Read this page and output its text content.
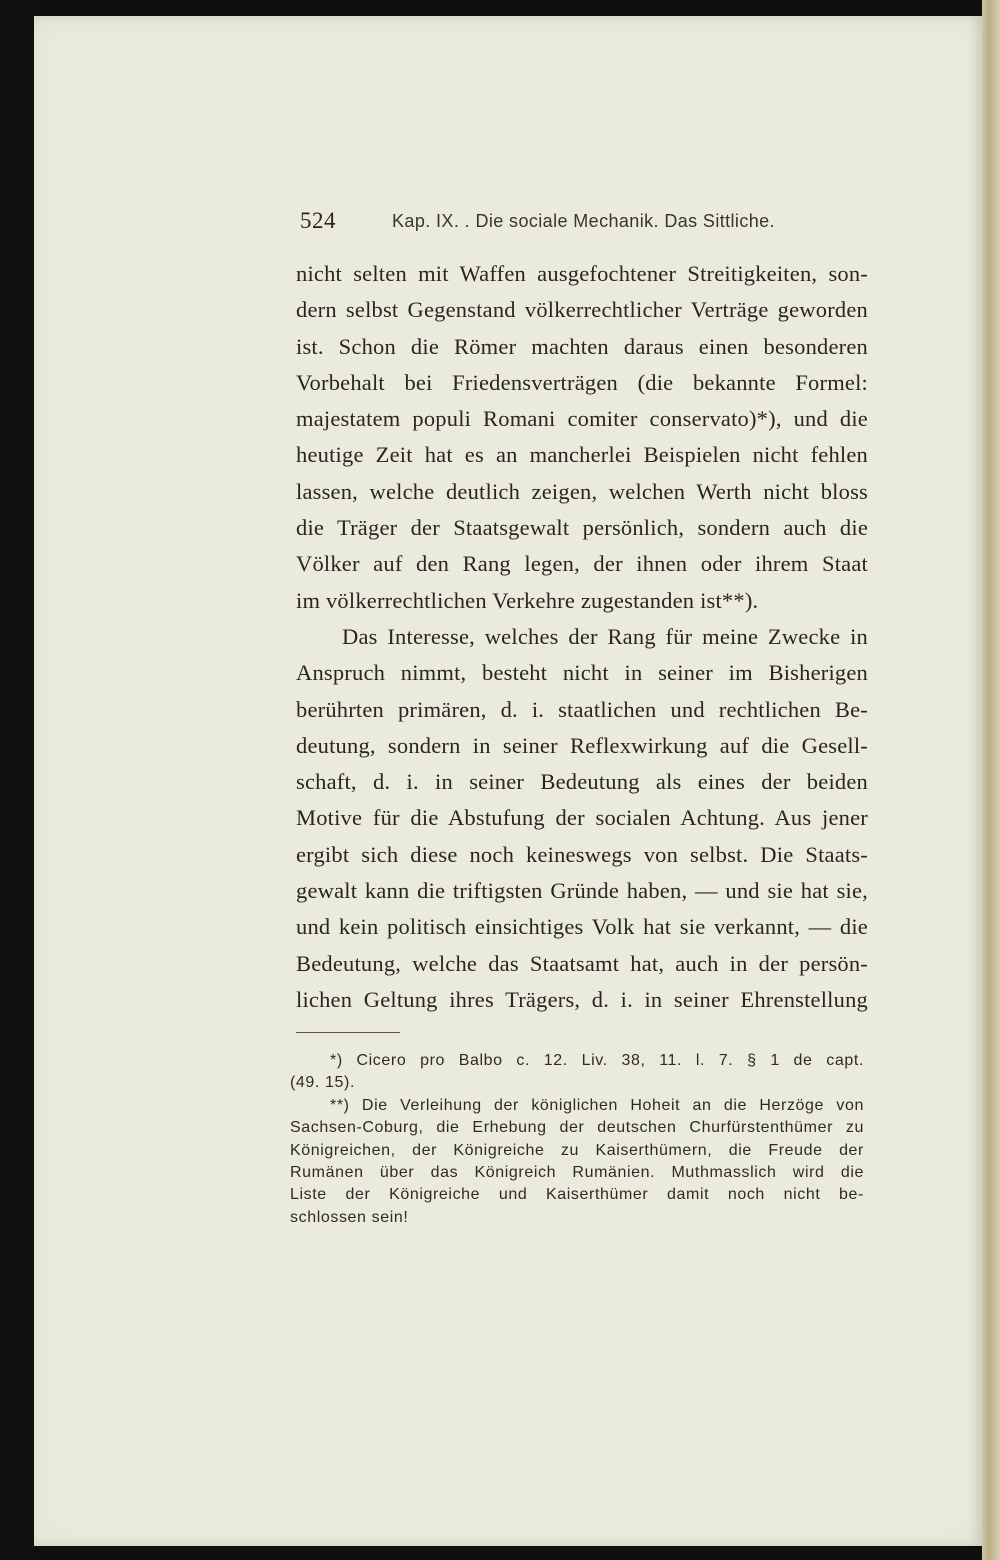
524	Kap. IX. . Die sociale Mechanik. Das Sittliche.
nicht selten mit Waffen ausgefochtener Streitigkeiten, son-
dern selbst Gegenstand völkerrechtlicher Verträge geworden
ist. Schon die Römer machten daraus einen besonderen
Vorbehalt bei Friedensverträgen (die bekannte Formel:
majestatem populi Romani comiter conservato)*), und die
heutige Zeit hat es an mancherlei Beispielen nicht fehlen
lassen, welche deutlich zeigen, welchen Werth nicht bloss
die Träger der Staatsgewalt persönlich, sondern auch die
Völker auf den Rang legen, der ihnen oder ihrem Staat
im völkerrechtlichen Verkehre zugestanden ist**).
Das Interesse, welches der Rang für meine Zwecke in
Anspruch nimmt, besteht nicht in seiner im Bisherigen
berührten primären, d. i. staatlichen und rechtlichen Be-
deutung, sondern in seiner Reflexwirkung auf die Gesell-
schaft, d. i. in seiner Bedeutung als eines der beiden
Motive für die Abstufung der socialen Achtung. Aus jener
ergibt sich diese noch keineswegs von selbst. Die Staats-
gewalt kann die triftigsten Gründe haben, — und sie hat sie,
und kein politisch einsichtiges Volk hat sie verkannt, — die
Bedeutung, welche das Staatsamt hat, auch in der persön-
lichen Geltung ihres Trägers, d. i. in seiner Ehrenstellung
*) Cicero pro Balbo c. 12. Liv. 38, 11. l. 7. § 1 de capt.
(49. 15).
**) Die Verleihung der königlichen Hoheit an die Herzöge von
Sachsen-Coburg, die Erhebung der deutschen Churfürstenthümer zu
Königreichen, der Königreiche zu Kaiserthümern, die Freude der
Rumänen über das Königreich Rumänien. Muthmasslich wird die
Liste der Königreiche und Kaiserthümer damit noch nicht be-
schlossen sein!
